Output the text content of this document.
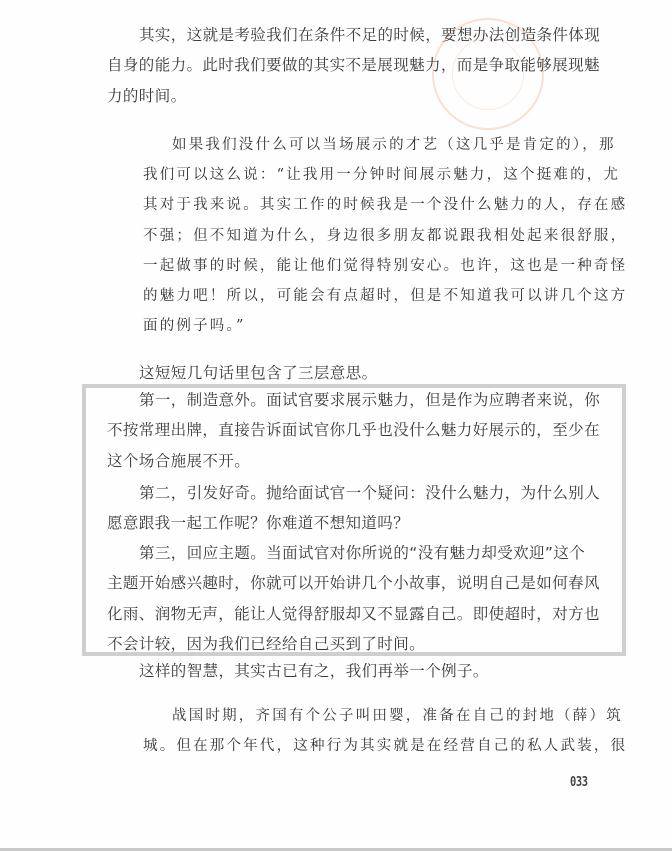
其实，这就是考验我们在条件不足的时候，要想办法创造条件体现
自身的能力。此时我们要做的其实不是展现魅力，而是争取能够展现魅
力的时间。
如果我们没什么可以当场展示的才艺（这几乎是肯定的），那
我们可以这么说：“让我用一分钟时间展示魅力，这个挺难的，尤
其对于我来说。其实工作的时候我是一个没什么魅力的人，存在感
不强；但不知道为什么，身边很多朋友都说跟我相处起来很舒服，
一起做事的时候，能让他们觉得特别安心。也许，这也是一种奇怪
的魅力吧！所以，可能会有点超时，但是不知道我可以讲几个这方
面的例子吗。”
这短短几句话里包含了三层意思。
第一，制造意外。面试官要求展示魅力，但是作为应聘者来说，你
不按常理出牌，直接告诉面试官你几乎也没什么魅力好展示的，至少在
这个场合施展不开。
第二，引发好奇。抛给面试官一个疑问：没什么魅力，为什么别人
愿意跟我一起工作呢？你难道不想知道吗？
第三，回应主题。当面试官对你所说的“没有魅力却受欢迎”这个
主题开始感兴趣时，你就可以开始讲几个小故事，说明自己是如何春风
化雨、润物无声，能让人觉得舒服却又不显露自己。即使超时，对方也
不会计较，因为我们已经给自己买到了时间。
这样的智慧，其实古已有之，我们再举一个例子。
战国时期，齐国有个公子叫田婴，准备在自己的封地（薛）筑
城。但在那个年代，这种行为其实就是在经营自己的私人武装，很
033
